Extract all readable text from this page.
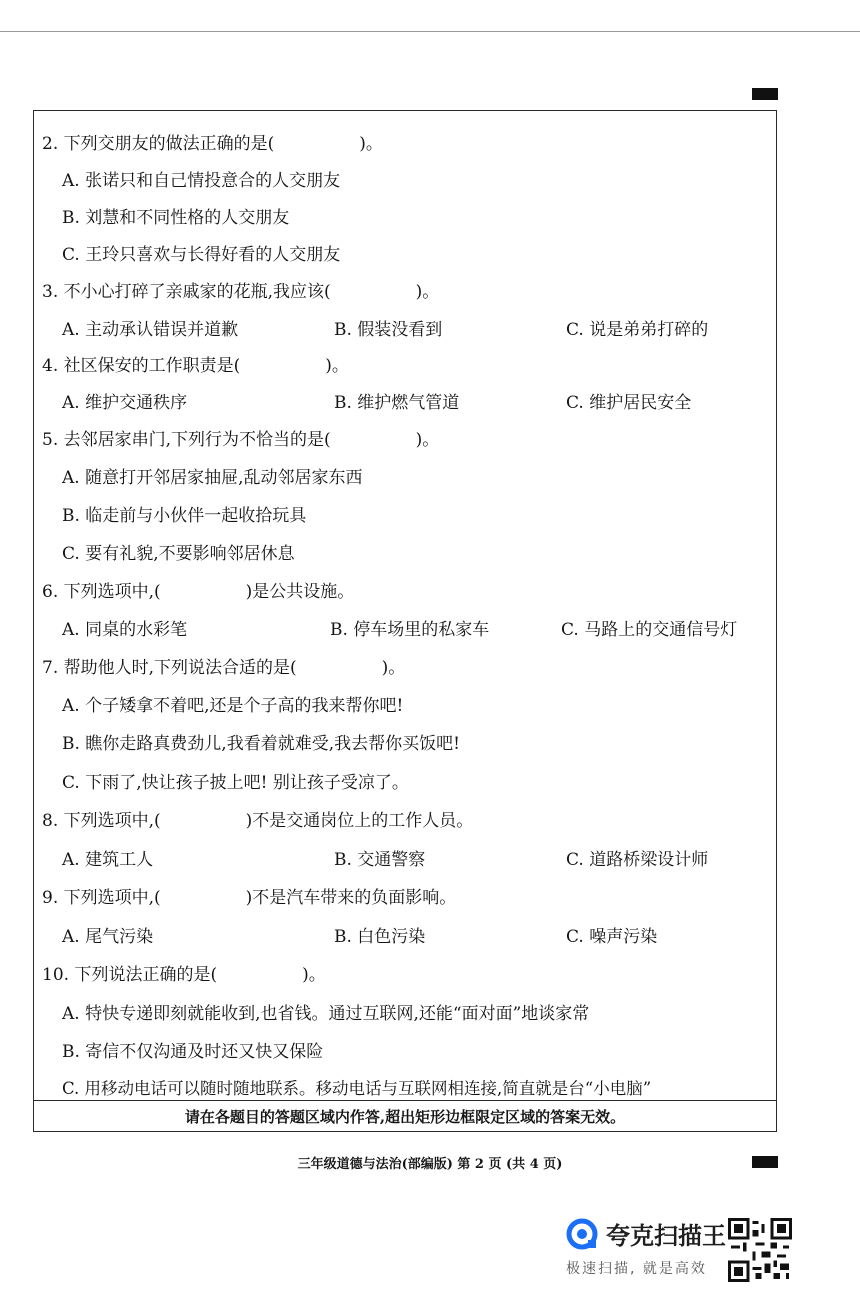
2. 下列交朋友的做法正确的是(　　　　　)。
A. 张诺只和自己情投意合的人交朋友
B. 刘慧和不同性格的人交朋友
C. 王玲只喜欢与长得好看的人交朋友
3. 不小心打碎了亲戚家的花瓶,我应该(　　　　　)。
A. 主动承认错误并道歉	B. 假装没看到	C. 说是弟弟打碎的
4. 社区保安的工作职责是(　　　　　)。
A. 维护交通秩序	B. 维护燃气管道	C. 维护居民安全
5. 去邻居家串门,下列行为不恰当的是(　　　　　)。
A. 随意打开邻居家抽屉,乱动邻居家东西
B. 临走前与小伙伴一起收拾玩具
C. 要有礼貌,不要影响邻居休息
6. 下列选项中,(　　　　　)是公共设施。
A. 同桌的水彩笔	B. 停车场里的私家车	C. 马路上的交通信号灯
7. 帮助他人时,下列说法合适的是(　　　　　)。
A. 个子矮拿不着吧,还是个子高的我来帮你吧!
B. 瞧你走路真费劲儿,我看着就难受,我去帮你买饭吧!
C. 下雨了,快让孩子披上吧! 别让孩子受凉了。
8. 下列选项中,(　　　　　)不是交通岗位上的工作人员。
A. 建筑工人	B. 交通警察	C. 道路桥梁设计师
9. 下列选项中,(　　　　　)不是汽车带来的负面影响。
A. 尾气污染	B. 白色污染	C. 噪声污染
10. 下列说法正确的是(　　　　　)。
A. 特快专递即刻就能收到,也省钱。通过互联网,还能“面对面”地谈家常
B. 寄信不仅沟通及时还又快又保险
C. 用移动电话可以随时随地联系。移动电话与互联网相连接,简直就是台“小电脑”
请在各题目的答题区域内作答,超出矩形边框限定区域的答案无效。
三年级道德与法治(部编版) 第 2 页 (共 4 页)
夸克扫描王
极速扫描, 就是高效
